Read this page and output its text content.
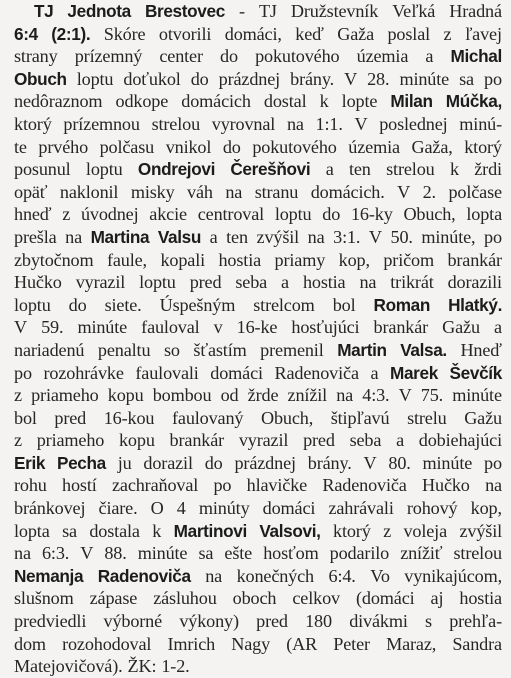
TJ Jednota Brestovec - TJ Družstevník Veľká Hradná
6:4 (2:1). Skóre otvorili domáci, keď Gaža poslal z ľavej
strany prízemný center do pokutového územia a Michal
Obuch loptu doťukol do prázdnej brány. V 28. minúte sa po
nedôraznom odkope domácich dostal k lopte Milan Múčka,
ktorý prízemnou strelou vyrovnal na 1:1. V poslednej minú-
te prvého polčasu vnikol do pokutového územia Gaža, ktorý
posunul loptu Ondrejovi Čerešňovi a ten strelou k žrdi
opäť naklonil misky váh na stranu domácich. V 2. polčase
hneď z úvodnej akcie centroval loptu do 16-ky Obuch, lopta
prešla na Martina Valsu a ten zvýšil na 3:1. V 50. minúte, po
zbytočnom faule, kopali hostia priamy kop, pričom brankár
Hučko vyrazil loptu pred seba a hostia na trikrát dorazili
loptu do siete. Úspešným strelcom bol Roman Hlatký.
V 59. minúte fauloval v 16-ke hosťujúci brankár Gažu a
nariadenú penaltu so šťastím premenil Martin Valsa. Hneď
po rozohrávke faulovali domáci Radenoviča a Marek Ševčík
z priameho kopu bombou od žrde znížil na 4:3. V 75. minúte
bol pred 16-kou faulovaný Obuch, štipľavú strelu Gažu
z priameho kopu brankár vyrazil pred seba a dobiehajúci
Erik Pecha ju dorazil do prázdnej brány. V 80. minúte po
rohu hostí zachraňoval po hlavičke Radenoviča Hučko na
bránkovej čiare. O 4 minúty domáci zahrávali rohový kop,
lopta sa dostala k Martinovi Valsovi, ktorý z voleja zvýšil
na 6:3. V 88. minúte sa ešte hosťom podarilo znížiť strelou
Nemanja Radenoviča na konečných 6:4. Vo vynikajúcom,
slušnom zápase zásluhou oboch celkov (domáci aj hostia
predviedli výborné výkony) pred 180 divákmi s prehľa-
dom rozohodoval Imrich Nagy (AR Peter Maraz, Sandra
Matejovičová). ŽK: 1-2.
